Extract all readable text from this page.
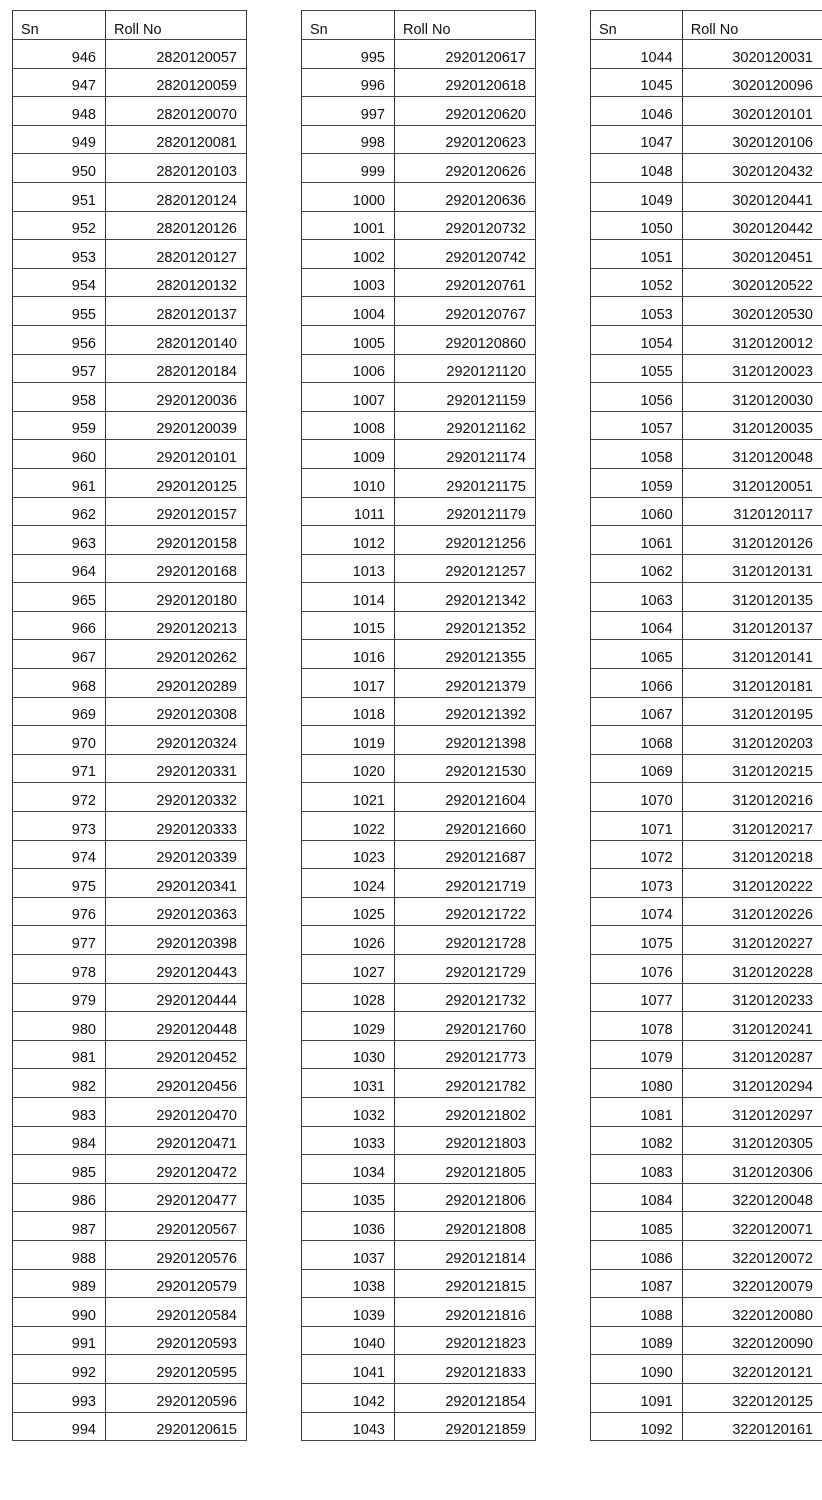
Sn	Roll No
946	2820120057
947	2820120059
948	2820120070
949	2820120081
950	2820120103
951	2820120124
952	2820120126
953	2820120127
954	2820120132
955	2820120137
956	2820120140
957	2820120184
958	2920120036
959	2920120039
960	2920120101
961	2920120125
962	2920120157
963	2920120158
964	2920120168
965	2920120180
966	2920120213
967	2920120262
968	2920120289
969	2920120308
970	2920120324
971	2920120331
972	2920120332
973	2920120333
974	2920120339
975	2920120341
976	2920120363
977	2920120398
978	2920120443
979	2920120444
980	2920120448
981	2920120452
982	2920120456
983	2920120470
984	2920120471
985	2920120472
986	2920120477
987	2920120567
988	2920120576
989	2920120579
990	2920120584
991	2920120593
992	2920120595
993	2920120596
994	2920120615
Sn	Roll No
995	2920120617
996	2920120618
997	2920120620
998	2920120623
999	2920120626
1000	2920120636
1001	2920120732
1002	2920120742
1003	2920120761
1004	2920120767
1005	2920120860
1006	2920121120
1007	2920121159
1008	2920121162
1009	2920121174
1010	2920121175
1011	2920121179
1012	2920121256
1013	2920121257
1014	2920121342
1015	2920121352
1016	2920121355
1017	2920121379
1018	2920121392
1019	2920121398
1020	2920121530
1021	2920121604
1022	2920121660
1023	2920121687
1024	2920121719
1025	2920121722
1026	2920121728
1027	2920121729
1028	2920121732
1029	2920121760
1030	2920121773
1031	2920121782
1032	2920121802
1033	2920121803
1034	2920121805
1035	2920121806
1036	2920121808
1037	2920121814
1038	2920121815
1039	2920121816
1040	2920121823
1041	2920121833
1042	2920121854
1043	2920121859
Sn	Roll No
1044	3020120031
1045	3020120096
1046	3020120101
1047	3020120106
1048	3020120432
1049	3020120441
1050	3020120442
1051	3020120451
1052	3020120522
1053	3020120530
1054	3120120012
1055	3120120023
1056	3120120030
1057	3120120035
1058	3120120048
1059	3120120051
1060	3120120117
1061	3120120126
1062	3120120131
1063	3120120135
1064	3120120137
1065	3120120141
1066	3120120181
1067	3120120195
1068	3120120203
1069	3120120215
1070	3120120216
1071	3120120217
1072	3120120218
1073	3120120222
1074	3120120226
1075	3120120227
1076	3120120228
1077	3120120233
1078	3120120241
1079	3120120287
1080	3120120294
1081	3120120297
1082	3120120305
1083	3120120306
1084	3220120048
1085	3220120071
1086	3220120072
1087	3220120079
1088	3220120080
1089	3220120090
1090	3220120121
1091	3220120125
1092	3220120161
